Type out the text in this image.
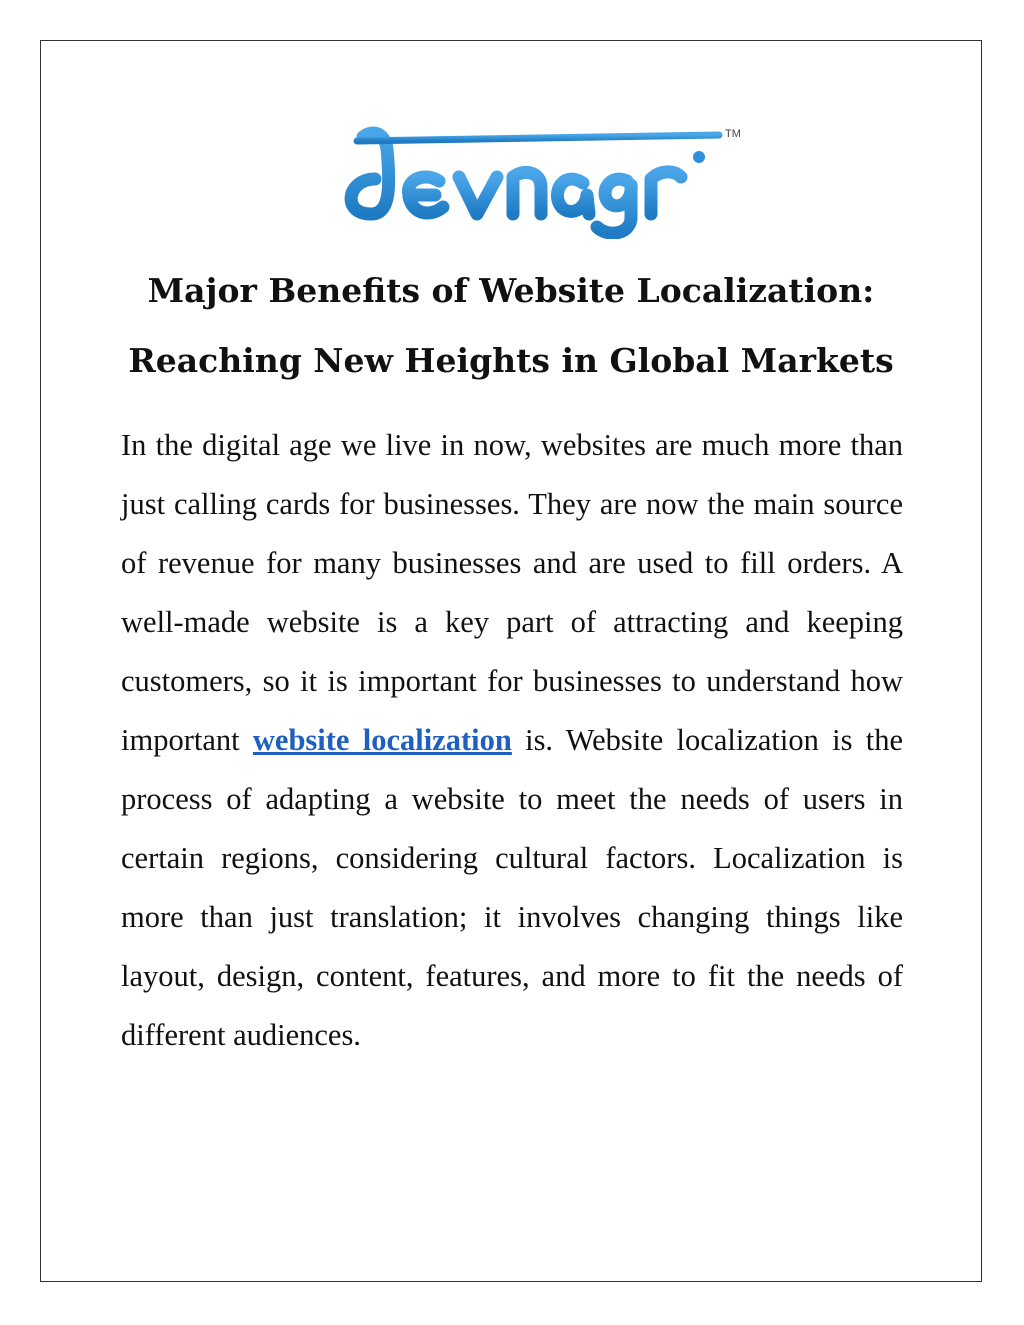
TM
Major Benefits of Website Localization:
Reaching New Heights in Global Markets

In the digital age we live in now, websites are much more than just calling cards for businesses. They are now the main source of revenue for many businesses and are used to fill orders. A well-made website is a key part of attracting and keeping customers, so it is important for businesses to understand how important website localization is. Website localization is the process of adapting a website to meet the needs of users in certain regions, considering cultural factors. Localization is more than just translation; it involves changing things like layout, design, content, features, and more to fit the needs of different audiences.
